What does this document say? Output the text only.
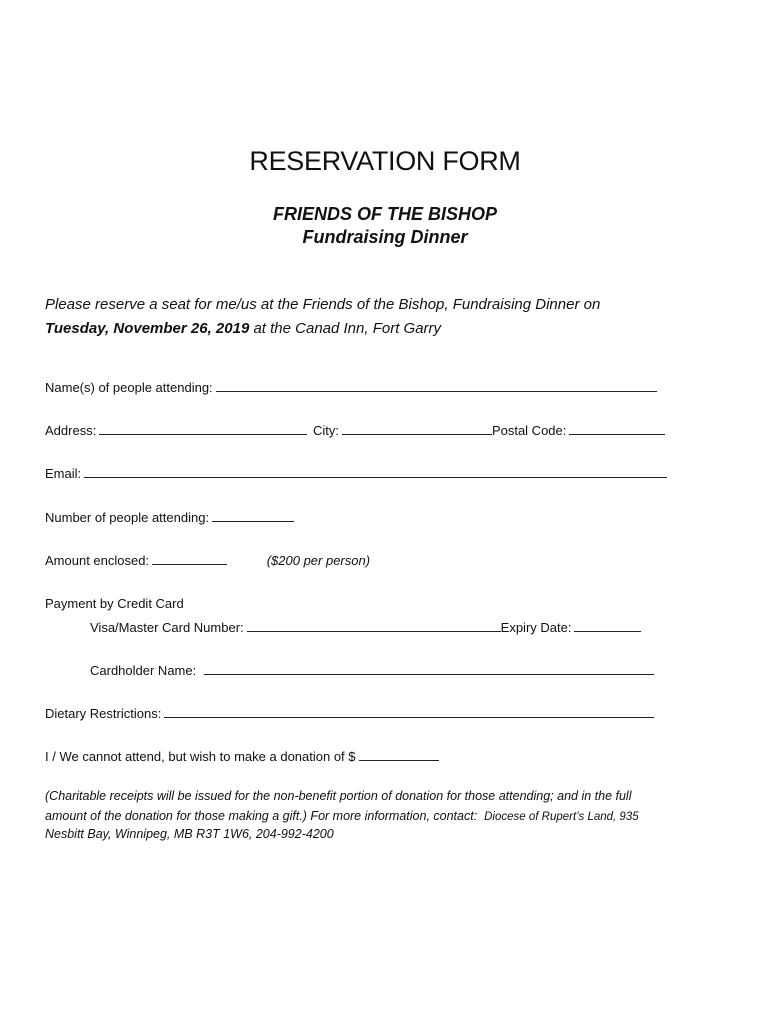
RESERVATION FORM
FRIENDS OF THE BISHOP
Fundraising Dinner
Please reserve a seat for me/us at the Friends of the Bishop, Fundraising Dinner on
Tuesday, November 26, 2019 at the Canad Inn, Fort Garry
Name(s) of people attending:
Address:	City:	Postal Code:
Email:
Number of people attending:
Amount enclosed:	($200 per person)
Payment by Credit Card
Visa/Master Card Number:	Expiry Date:
Cardholder Name:
Dietary Restrictions:
I / We cannot attend, but wish to make a donation of $
(Charitable receipts will be issued for the non-benefit portion of donation for those attending; and in the full
amount of the donation for those making a gift.) For more information, contact: Diocese of Rupert’s Land, 935
Nesbitt Bay, Winnipeg, MB R3T 1W6, 204-992-4200
